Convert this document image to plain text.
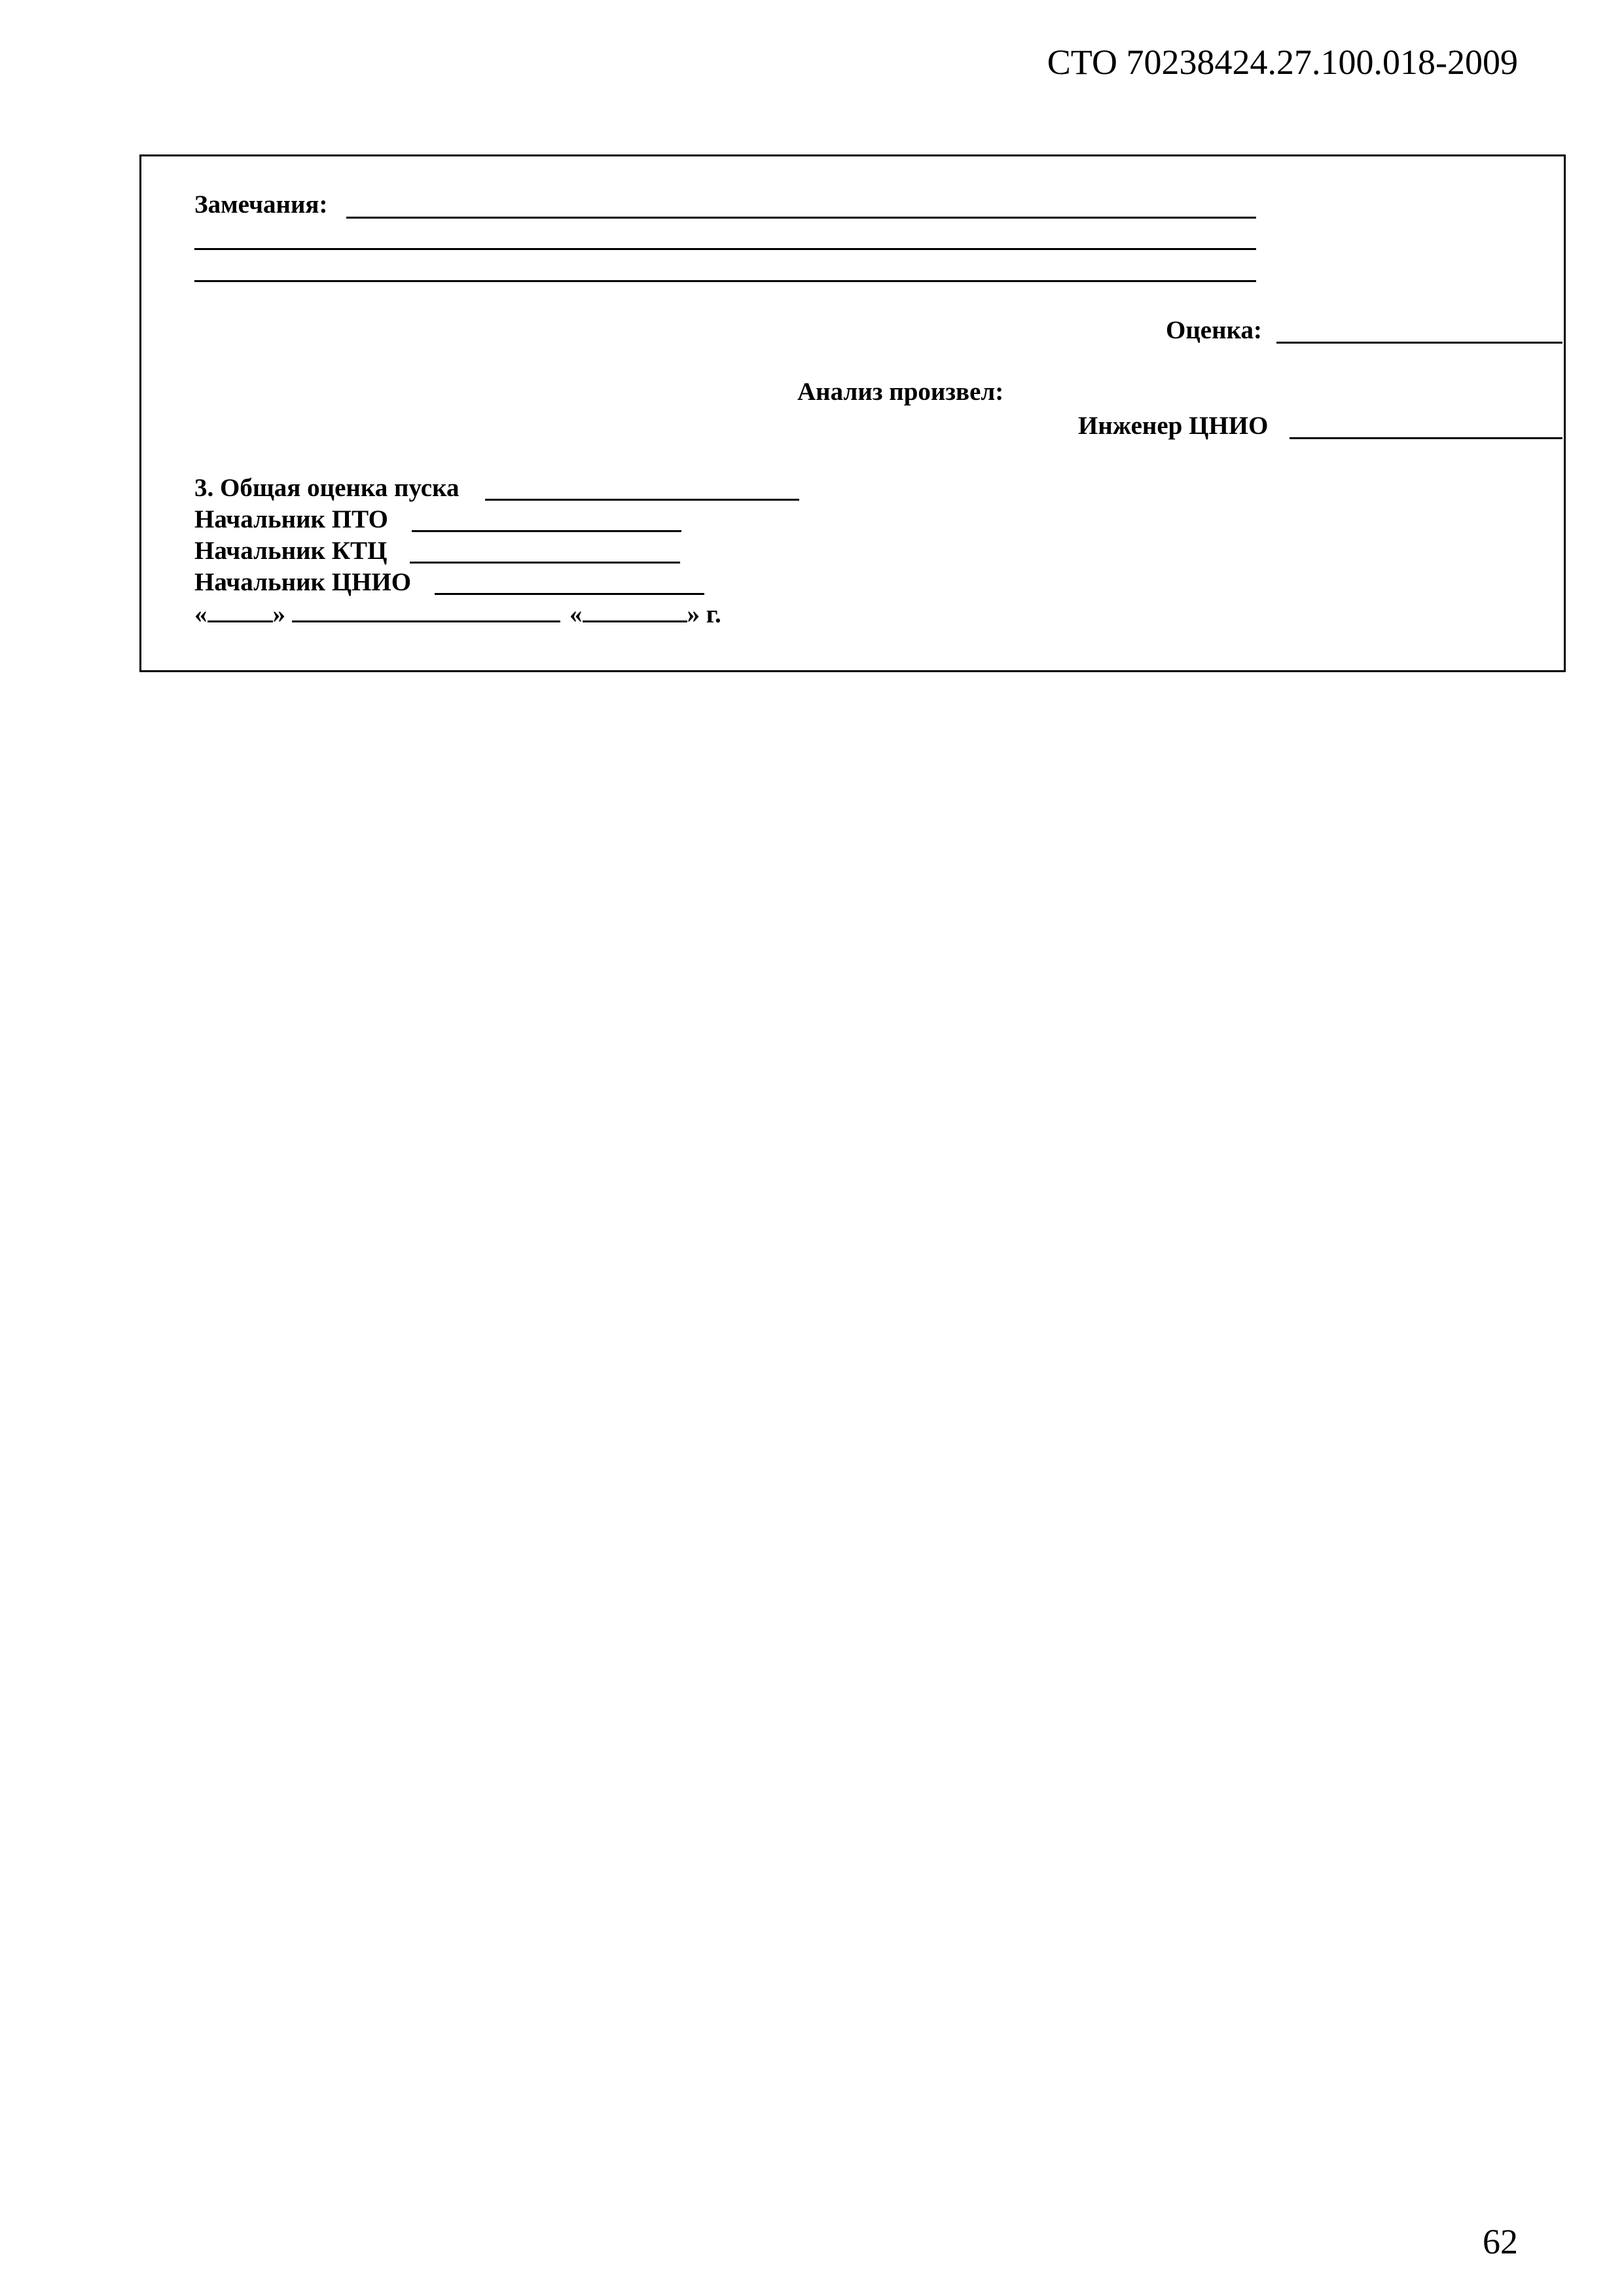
СТО 70238424.27.100.018-2009
Замечания:
Оценка:
Анализ произвел:
Инженер ЦНИО
3. Общая оценка пуска
Начальник ПТО
Начальник КТЦ
Начальник ЦНИО
«	»	«	» г.
62
